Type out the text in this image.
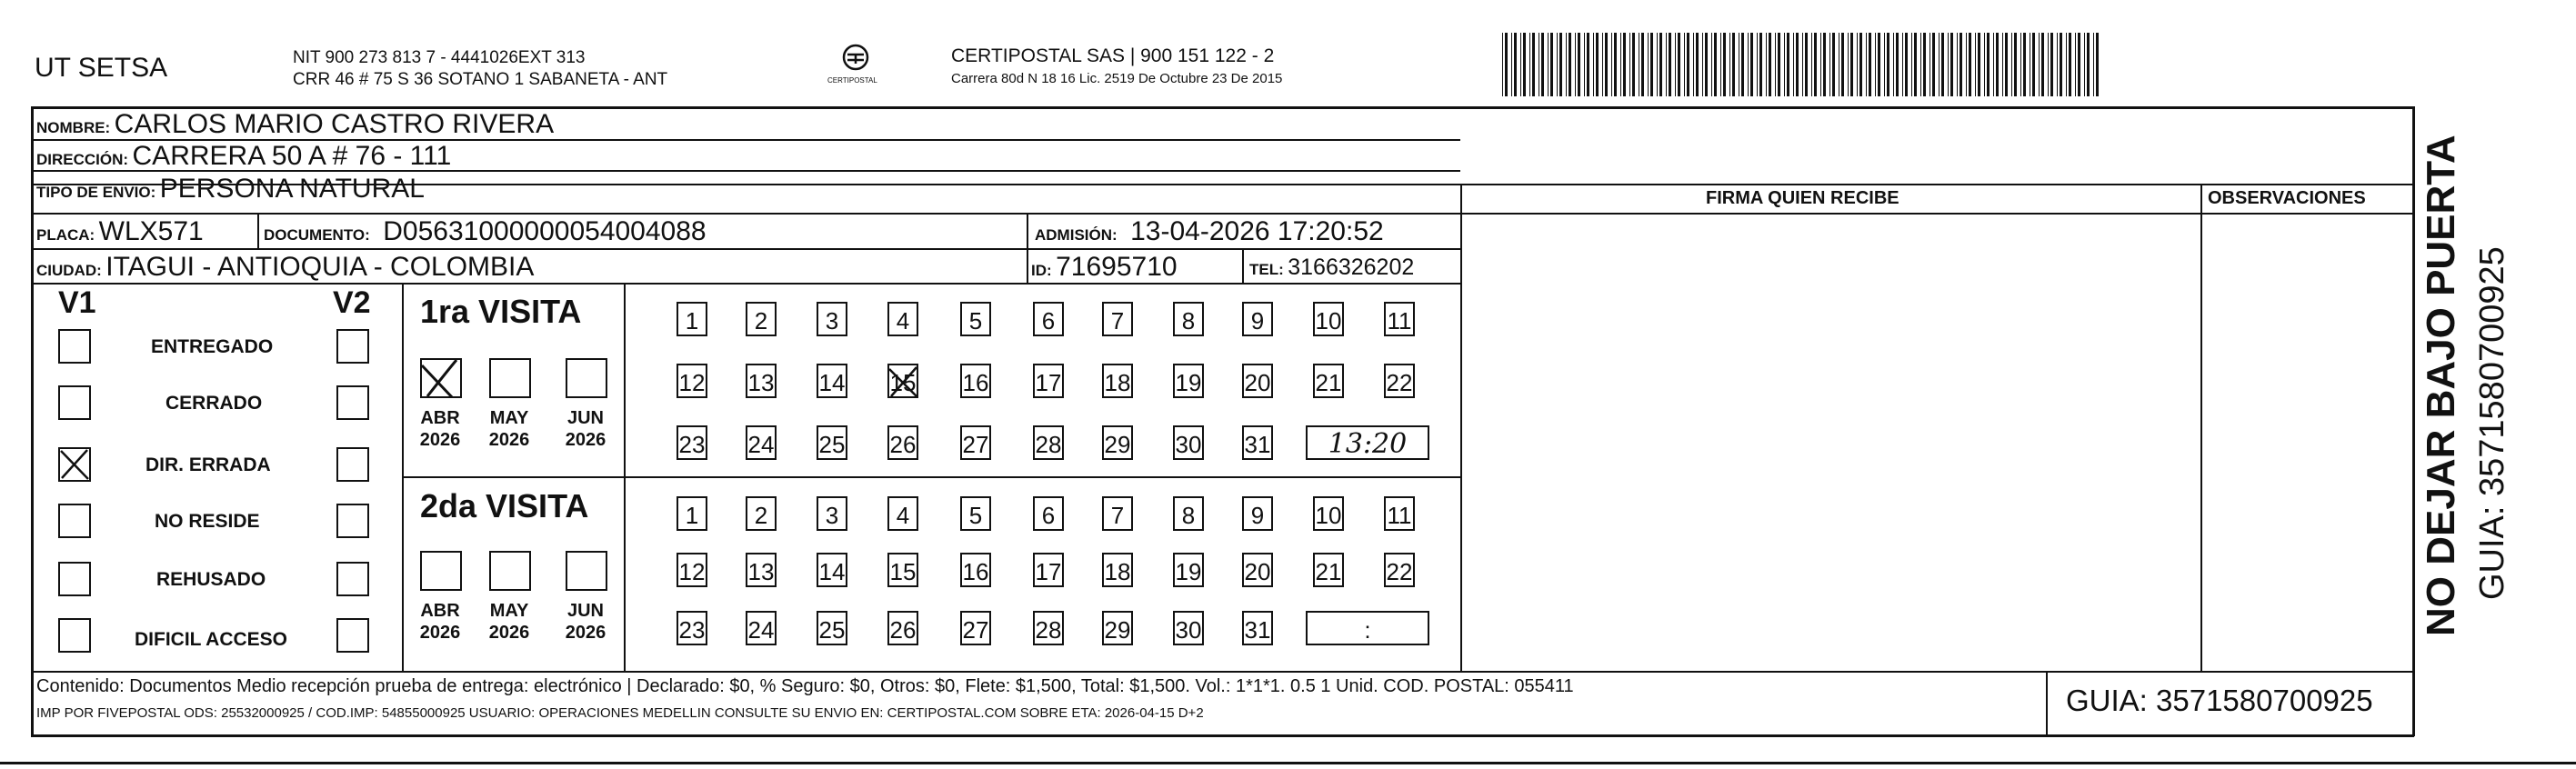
UT SETSA	NIT 900 273 813 7 - 4441026EXT 313
CRR 46 # 75 S 36 SOTANO 1 SABANETA - ANT	CERTIPOSTAL
CERTIPOSTAL SAS | 900 151 122 - 2
Carrera 80d N 18 16 Lic. 2519 De Octubre 23 De 2015
NOMBRE: CARLOS MARIO CASTRO RIVERA
DIRECCIÓN: CARRERA 50 A # 76 - 111
TIPO DE ENVIO: PERSONA NATURAL	FIRMA QUIEN RECIBE	OBSERVACIONES
PLACA: WLX571	DOCUMENTO: D05631000000054004088	ADMISIÓN: 13-04-2026 17:20:52
CIUDAD: ITAGUI - ANTIOQUIA - COLOMBIA	ID: 71695710	TEL: 3166326202
V1	V2
ENTREGADO
CERRADO
DIR. ERRADA
NO RESIDE
REHUSADO
DIFICIL ACCESO
1ra VISITA
ABR
2026
MAY
2026
JUN
2026
2da VISITA
ABR
2026
MAY
2026
JUN
2026
1	2	3	4	5	6	7	8	9	10 11
12 13 14 15 16 17 18 19 20 21 22
23 24 25 26 27 28 29 30 31	13:20
1	2	3	4	5	6	7	8	9	10 11
12 13 14 15 16 17 18 19 20 21 22
23 24 25 26 27 28 29 30 31	:
Contenido: Documentos Medio recepción prueba de entrega: electrónico | Declarado: $0, % Seguro: $0, Otros: $0, Flete: $1,500, Total: $1,500. Vol.: 1*1*1. 0.5 1 Unid. COD. POSTAL: 055411
IMP POR FIVEPOSTAL ODS: 25532000925 / COD.IMP: 54855000925 USUARIO: OPERACIONES MEDELLIN CONSULTE SU ENVIO EN: CERTIPOSTAL.COM SOBRE ETA: 2026-04-15 D+2	GUIA: 3571580700925
NO DEJAR BAJO PUERTA GUIA: 3571580700925
